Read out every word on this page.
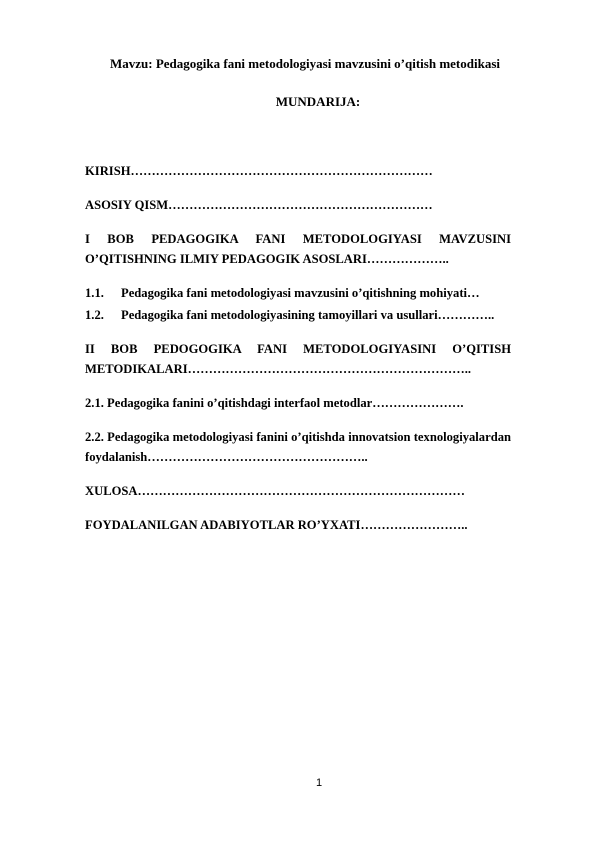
Mavzu: Pedagogika fani metodologiyasi mavzusini o’qitish metodikasi
MUNDARIJA:

KIRISH………………………………………………………………

ASOSIY QISM………………………………………………………

I BOB PEDAGOGIKA FANI METODOLOGIYASI MAVZUSINI O’QITISHNING ILMIY PEDAGOGIK ASOSLARI………………..

1.1. Pedagogika fani metodologiyasi mavzusini o’qitishning mohiyati…

1.2. Pedagogika fani metodologiyasining tamoyillari va usullari…………..

II BOB PEDOGOGIKA FANI METODOLOGIYASINI O’QITISH METODIKALARI…………………………………………………………..

2.1. Pedagogika fanini o’qitishdagi interfaol metodlar………………….

2.2. Pedagogika metodologiyasi fanini o’qitishda innovatsion texnologiyalardan foydalanish……………………………………………..

XULOSA……………………………………………………………………

FOYDALANILGAN ADABIYOTLAR RO’YXATI……………………..

1
